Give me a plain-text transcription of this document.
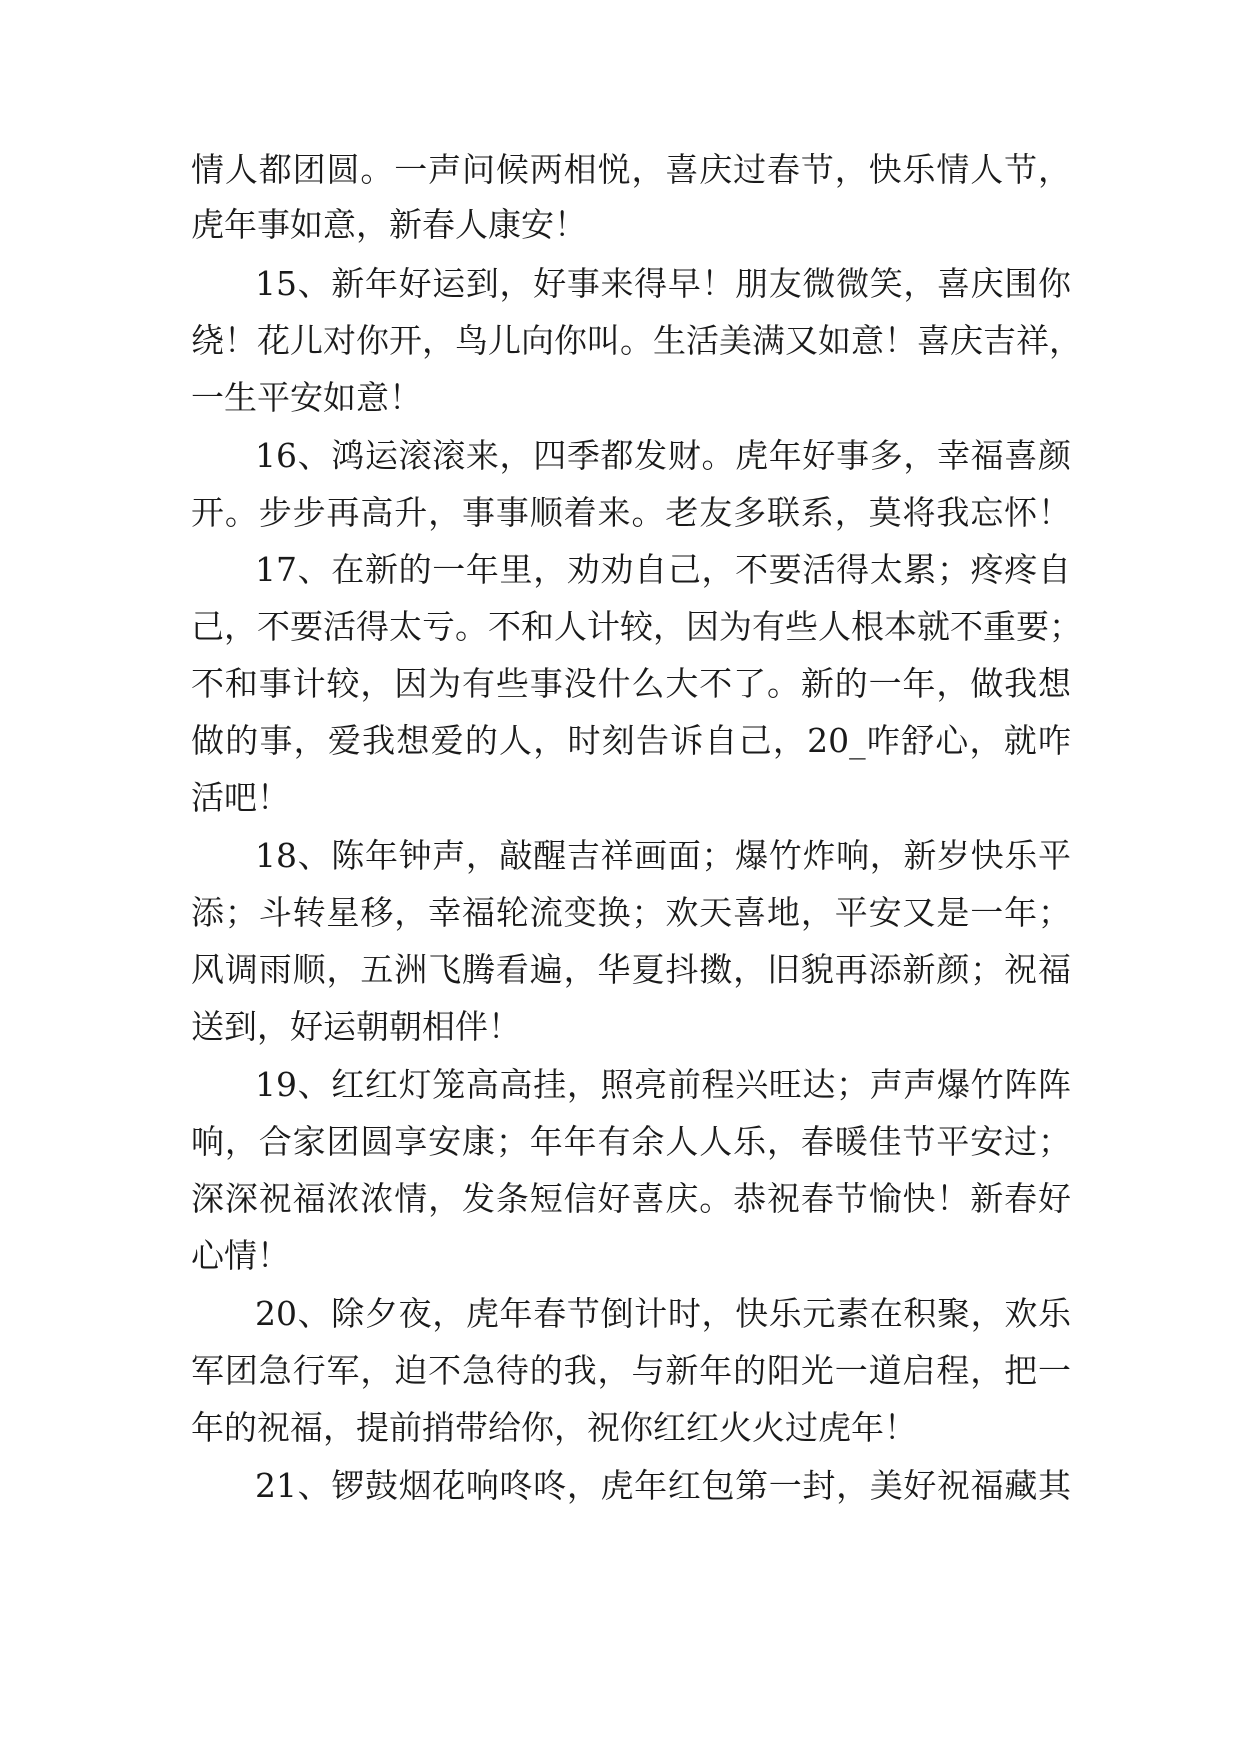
情人都团圆。一声问候两相悦，喜庆过春节，快乐情人节，
虎年事如意，新春人康安！
15、新年好运到，好事来得早！朋友微微笑，喜庆围你
绕！花儿对你开，鸟儿向你叫。生活美满又如意！喜庆吉祥，
一生平安如意！
16、鸿运滚滚来，四季都发财。虎年好事多，幸福喜颜
开。步步再高升，事事顺着来。老友多联系，莫将我忘怀！
17、在新的一年里，劝劝自己，不要活得太累；疼疼自
己，不要活得太亏。不和人计较，因为有些人根本就不重要；
不和事计较，因为有些事没什么大不了。新的一年，做我想
做的事，爱我想爱的人，时刻告诉自己，20_咋舒心，就咋
活吧！
18、陈年钟声，敲醒吉祥画面；爆竹炸响，新岁快乐平
添；斗转星移，幸福轮流变换；欢天喜地，平安又是一年；
风调雨顺，五洲飞腾看遍，华夏抖擞，旧貌再添新颜；祝福
送到，好运朝朝相伴！
19、红红灯笼高高挂，照亮前程兴旺达；声声爆竹阵阵
响，合家团圆享安康；年年有余人人乐，春暖佳节平安过；
深深祝福浓浓情，发条短信好喜庆。恭祝春节愉快！新春好
心情！
20、除夕夜，虎年春节倒计时，快乐元素在积聚，欢乐
军团急行军，迫不急待的我，与新年的阳光一道启程，把一
年的祝福，提前捎带给你，祝你红红火火过虎年！
21、锣鼓烟花响咚咚，虎年红包第一封，美好祝福藏其
